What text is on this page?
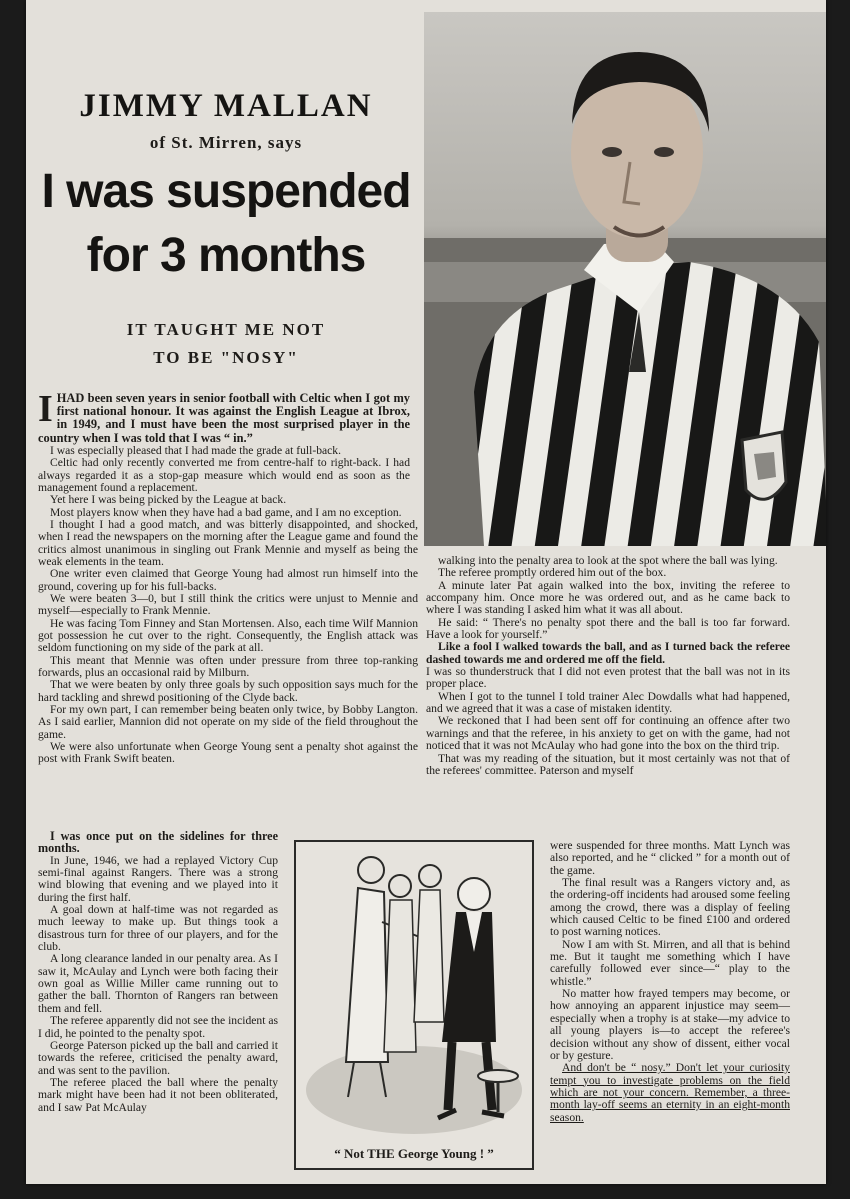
JIMMY MALLAN
of St. Mirren, says
I was suspended
for 3 months
IT TAUGHT ME NOT
TO BE "NOSY"

IHAD been seven years in senior football with Celtic when I got my first national honour. It was against the English League at Ibrox, in 1949, and I must have been the most surprised player in the country when I was told that I was “ in.”

I was especially pleased that I had made the grade at full-back.

Celtic had only recently converted me from centre-half to right-back. I had always regarded it as a stop-gap measure which would end as soon as the management found a replacement.

Yet here I was being picked by the League at back.

Most players know when they have had a bad game, and I am no exception.

I thought I had a good match, and was bitterly disappointed, and shocked, when I read the newspapers on the morning after the League game and found the critics almost unanimous in singling out Frank Mennie and myself as being the weak elements in the team.

One writer even claimed that George Young had almost run himself into the ground, covering up for his full-backs.

We were beaten 3—0, but I still think the critics were unjust to Mennie and myself—especially to Frank Mennie.

He was facing Tom Finney and Stan Mortensen. Also, each time Wilf Mannion got possession he cut over to the right. Consequently, the English attack was seldom functioning on my side of the park at all.

This meant that Mennie was often under pressure from three top-ranking forwards, plus an occasional raid by Milburn.

That we were beaten by only three goals by such opposition says much for the hard tackling and shrewd positioning of the Clyde back.

For my own part, I can remember being beaten only twice, by Bobby Langton. As I said earlier, Mannion did not operate on my side of the field throughout the game.

We were also unfortunate when George Young sent a penalty shot against the post with Frank Swift beaten.

I was once put on the sidelines for three months.

In June, 1946, we had a replayed Victory Cup semi-final against Rangers. There was a strong wind blowing that evening and we played into it during the first half.

A goal down at half-time was not regarded as much leeway to make up. But things took a disastrous turn for three of our players, and for the club.

A long clearance landed in our penalty area. As I saw it, McAulay and Lynch were both facing their own goal as Willie Miller came running out to gather the ball. Thornton of Rangers ran between them and fell.

The referee apparently did not see the incident as I did, he pointed to the penalty spot.

George Paterson picked up the ball and carried it towards the referee, criticised the penalty award, and was sent to the pavilion.

The referee placed the ball where the penalty mark might have been had it not been obliterated, and I saw Pat McAulay

walking into the penalty area to look at the spot where the ball was lying.

The referee promptly ordered him out of the box.

A minute later Pat again walked into the box, inviting the referee to accompany him. Once more he was ordered out, and as he came back to where I was standing I asked him what it was all about.

He said: “ There's no penalty spot there and the ball is too far forward. Have a look for yourself.”

Like a fool I walked towards the ball, and as I turned back the referee dashed towards me and ordered me off the field.

I was so thunderstruck that I did not even protest that the ball was not in its proper place.

When I got to the tunnel I told trainer Alec Dowdalls what had happened, and we agreed that it was a case of mistaken identity.

We reckoned that I had been sent off for continuing an offence after two warnings and that the referee, in his anxiety to get on with the game, had not noticed that it was not McAulay who had gone into the box on the third trip.

That was my reading of the situation, but it most certainly was not that of the referees' committee. Paterson and myself

were suspended for three months. Matt Lynch was also reported, and he “ clicked ” for a month out of the game.

The final result was a Rangers victory and, as the ordering-off incidents had aroused some feeling among the crowd, there was a display of feeling which caused Celtic to be fined £100 and ordered to post warning notices.

Now I am with St. Mirren, and all that is behind me. But it taught me something which I have carefully followed ever since—“ play to the whistle.”

No matter how frayed tempers may become, or how annoying an apparent injustice may seem—especially when a trophy is at stake—my advice to all young players is—to accept the referee's decision without any show of dissent, either vocal or by gesture.

And don't be “ nosy.” Don't let your curiosity tempt you to investigate problems on the field which are not your concern. Remember, a three-month lay-off seems an eternity in an eight-month season.

“ Not THE George Young ! ”
